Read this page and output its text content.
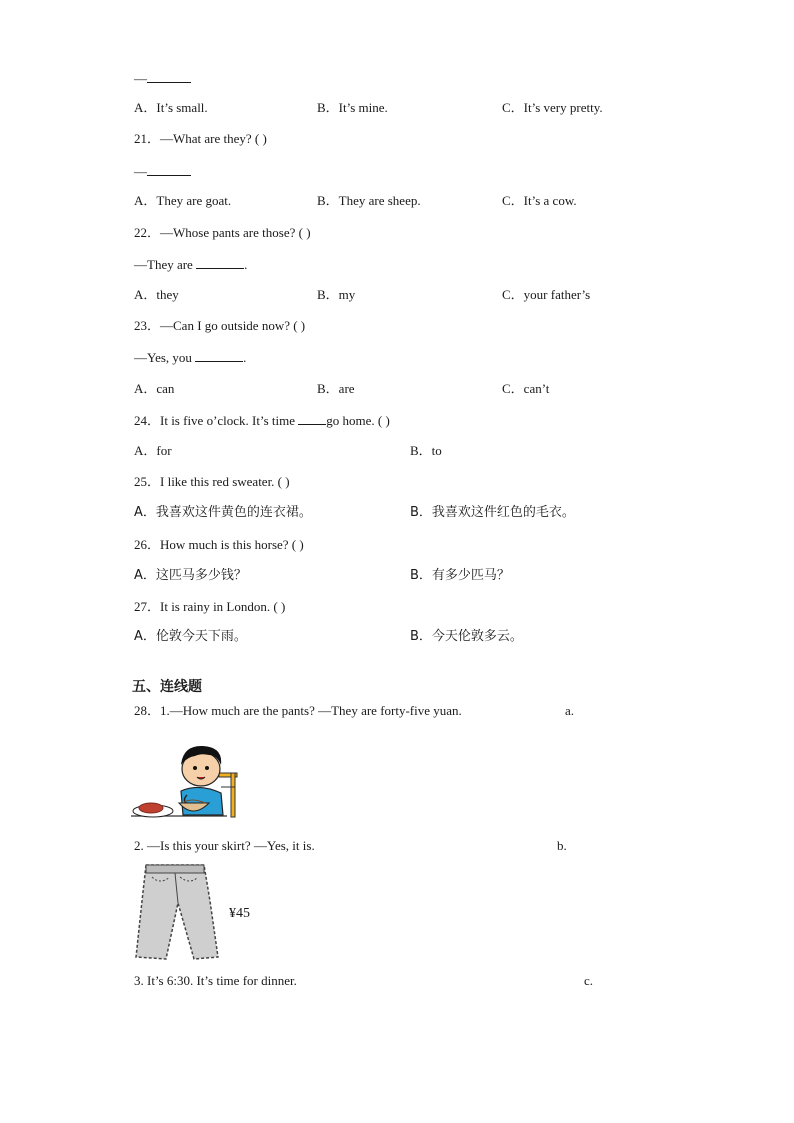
—
A．It’s small.	B．It’s mine.	C．It’s very pretty.
21．—What are they? ( )
—
A．They are goat.	B．They are sheep.	C．It’s a cow.
22．—Whose pants are those? ( )
—They are	.
A．they	B．my	C．your father’s
23．—Can I go outside now? ( )
—Yes, you	.
A．can	B．are	C．can’t
24．It is five o’clock. It’s time go home. ( )
A．for	B．to
25．I like this red sweater. ( )
A．我喜欢这件黄色的连衣裙。	B．我喜欢这件红色的毛衣。
26．How much is this horse? ( )
A．这匹马多少钱？	B．有多少匹马？
27．It is rainy in London. ( )
A．伦敦今天下雨。	B．今天伦敦多云。
五、连线题
28．1.—How much are the pants? —They are forty-five yuan.	a.
2. —Is this your skirt? —Yes, it is.	b.
¥45
3. It’s 6:30. It’s time for dinner.	c.
